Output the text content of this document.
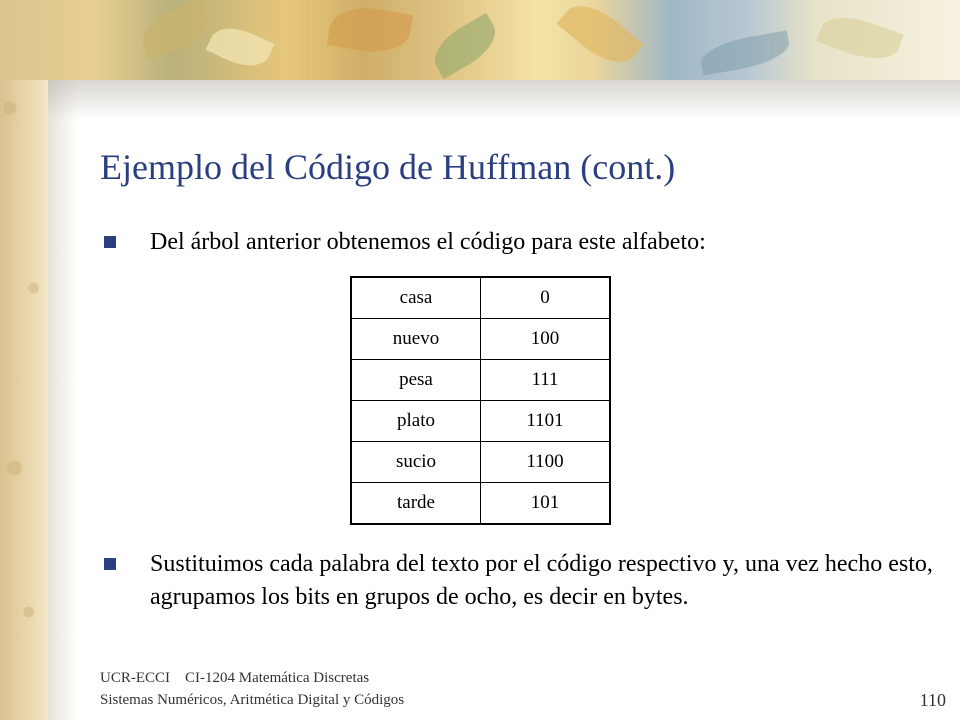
Ejemplo del Código de Huffman (cont.)
Del árbol anterior obtenemos el código para este alfabeto:
casa	0
nuevo	100
pesa	111
plato	1101
sucio	1100
tarde	101
Sustituimos cada palabra del texto por el código respectivo y, una vez hecho esto, agrupamos los bits en grupos de ocho, es decir en bytes.
UCR-ECCI    CI-1204 Matemática Discretas
Sistemas Numéricos, Aritmética Digital y Códigos	110
